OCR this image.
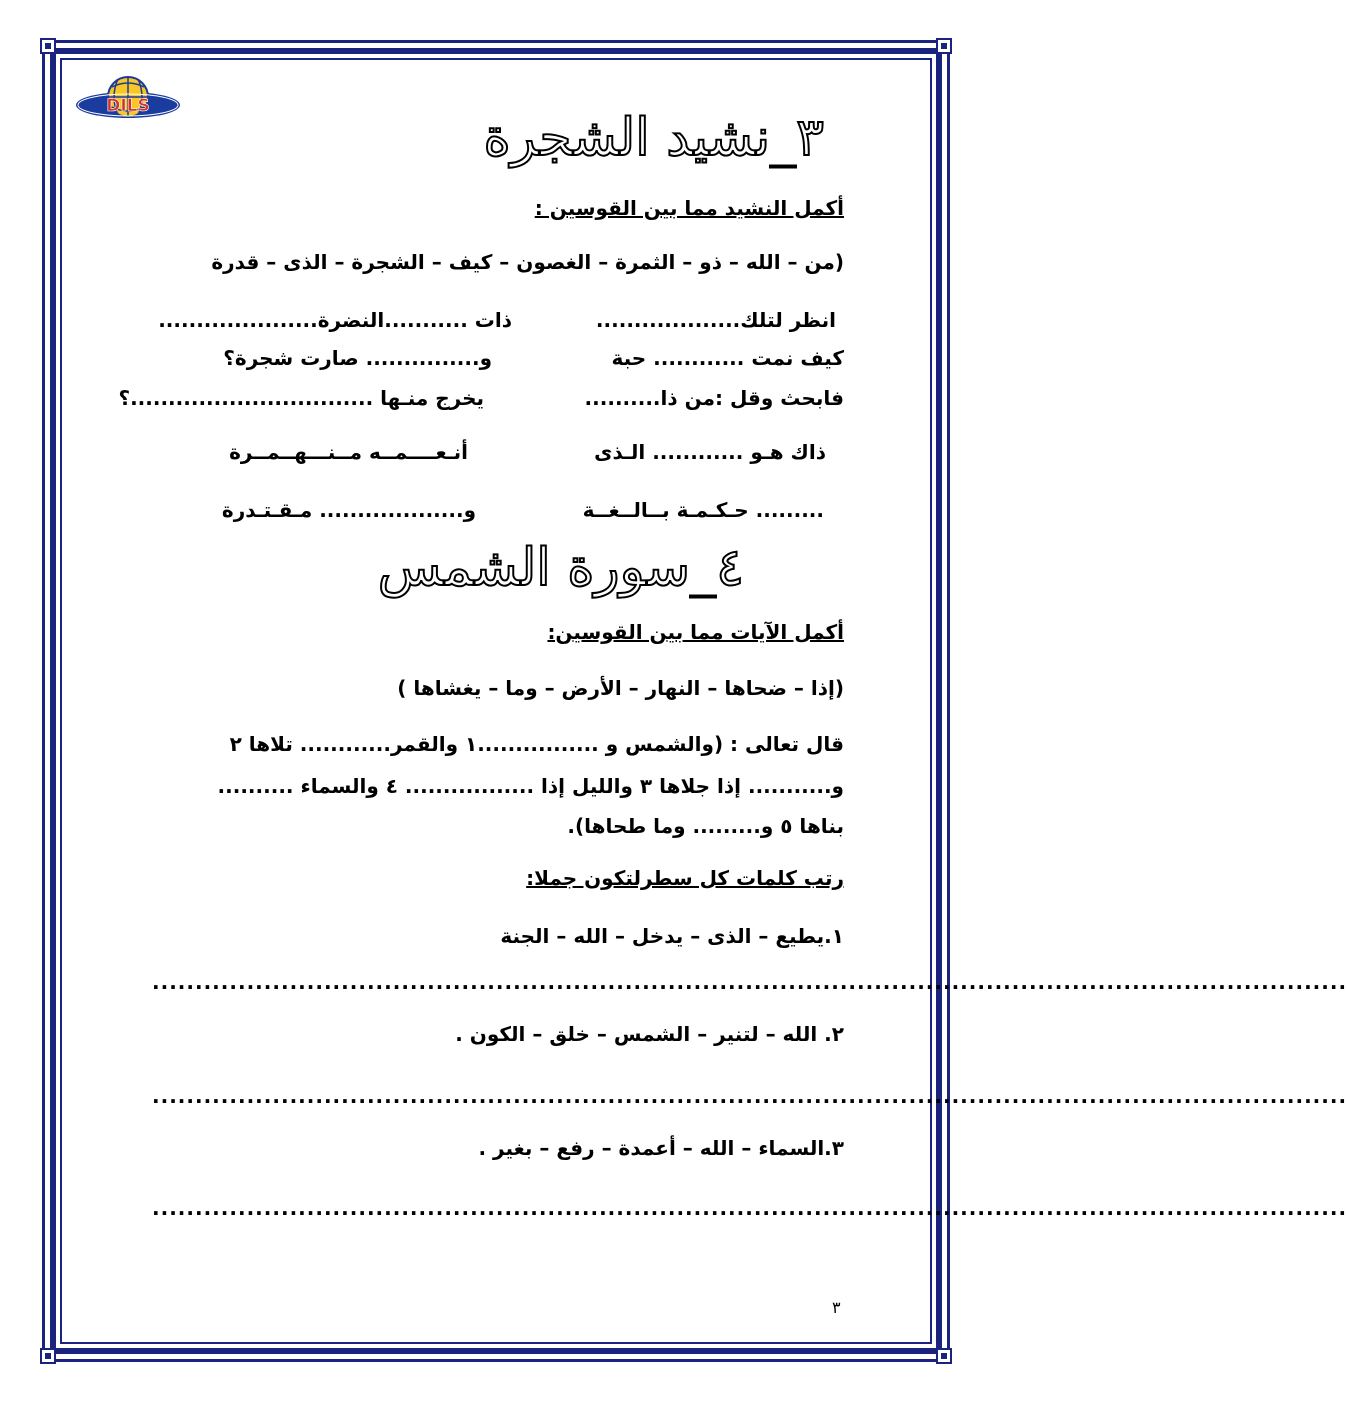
DILS
٣_نشيد الشجرة
أكمل النشيد مما بين القوسين :
(من – الله – ذو – الثمرة – الغصون – كيف – الشجرة – الذى – قدرة
انظر لتلك...................
ذات ...........النضرة.....................
كيف نمت ............ حبة
و............... صارت شجرة؟
فابحث وقل :من ذا..........
يخرج منـها ................................؟
ذاك هـو ............ الـذى
أنـعــــمــه مــنـــهــمــرة
......... حـكـمـة بــالــغــة
و................... مـقـتـدرة
٤_سورة الشمس
أكمل الآيات مما بين القوسين:
(إذا – ضحاها – النهار – الأرض – وما – يغشاها )
قال تعالى : (والشمس و ................١ والقمر............ تلاها ٢
و........... إذا جلاها ٣ والليل إذا ................. ٤ والسماء ..........
بناها ٥ و......... وما طحاها).
رتب كلمات كل سطرلتكون جملا:
١.يطيع – الذى – يدخل – الله – الجنة
...........................................................................................................................................
٢. الله – لتنير – الشمس – خلق – الكون .
...........................................................................................................................................
٣.السماء – الله – أعمدة – رفع – بغير .
...........................................................................................................................................
٣
